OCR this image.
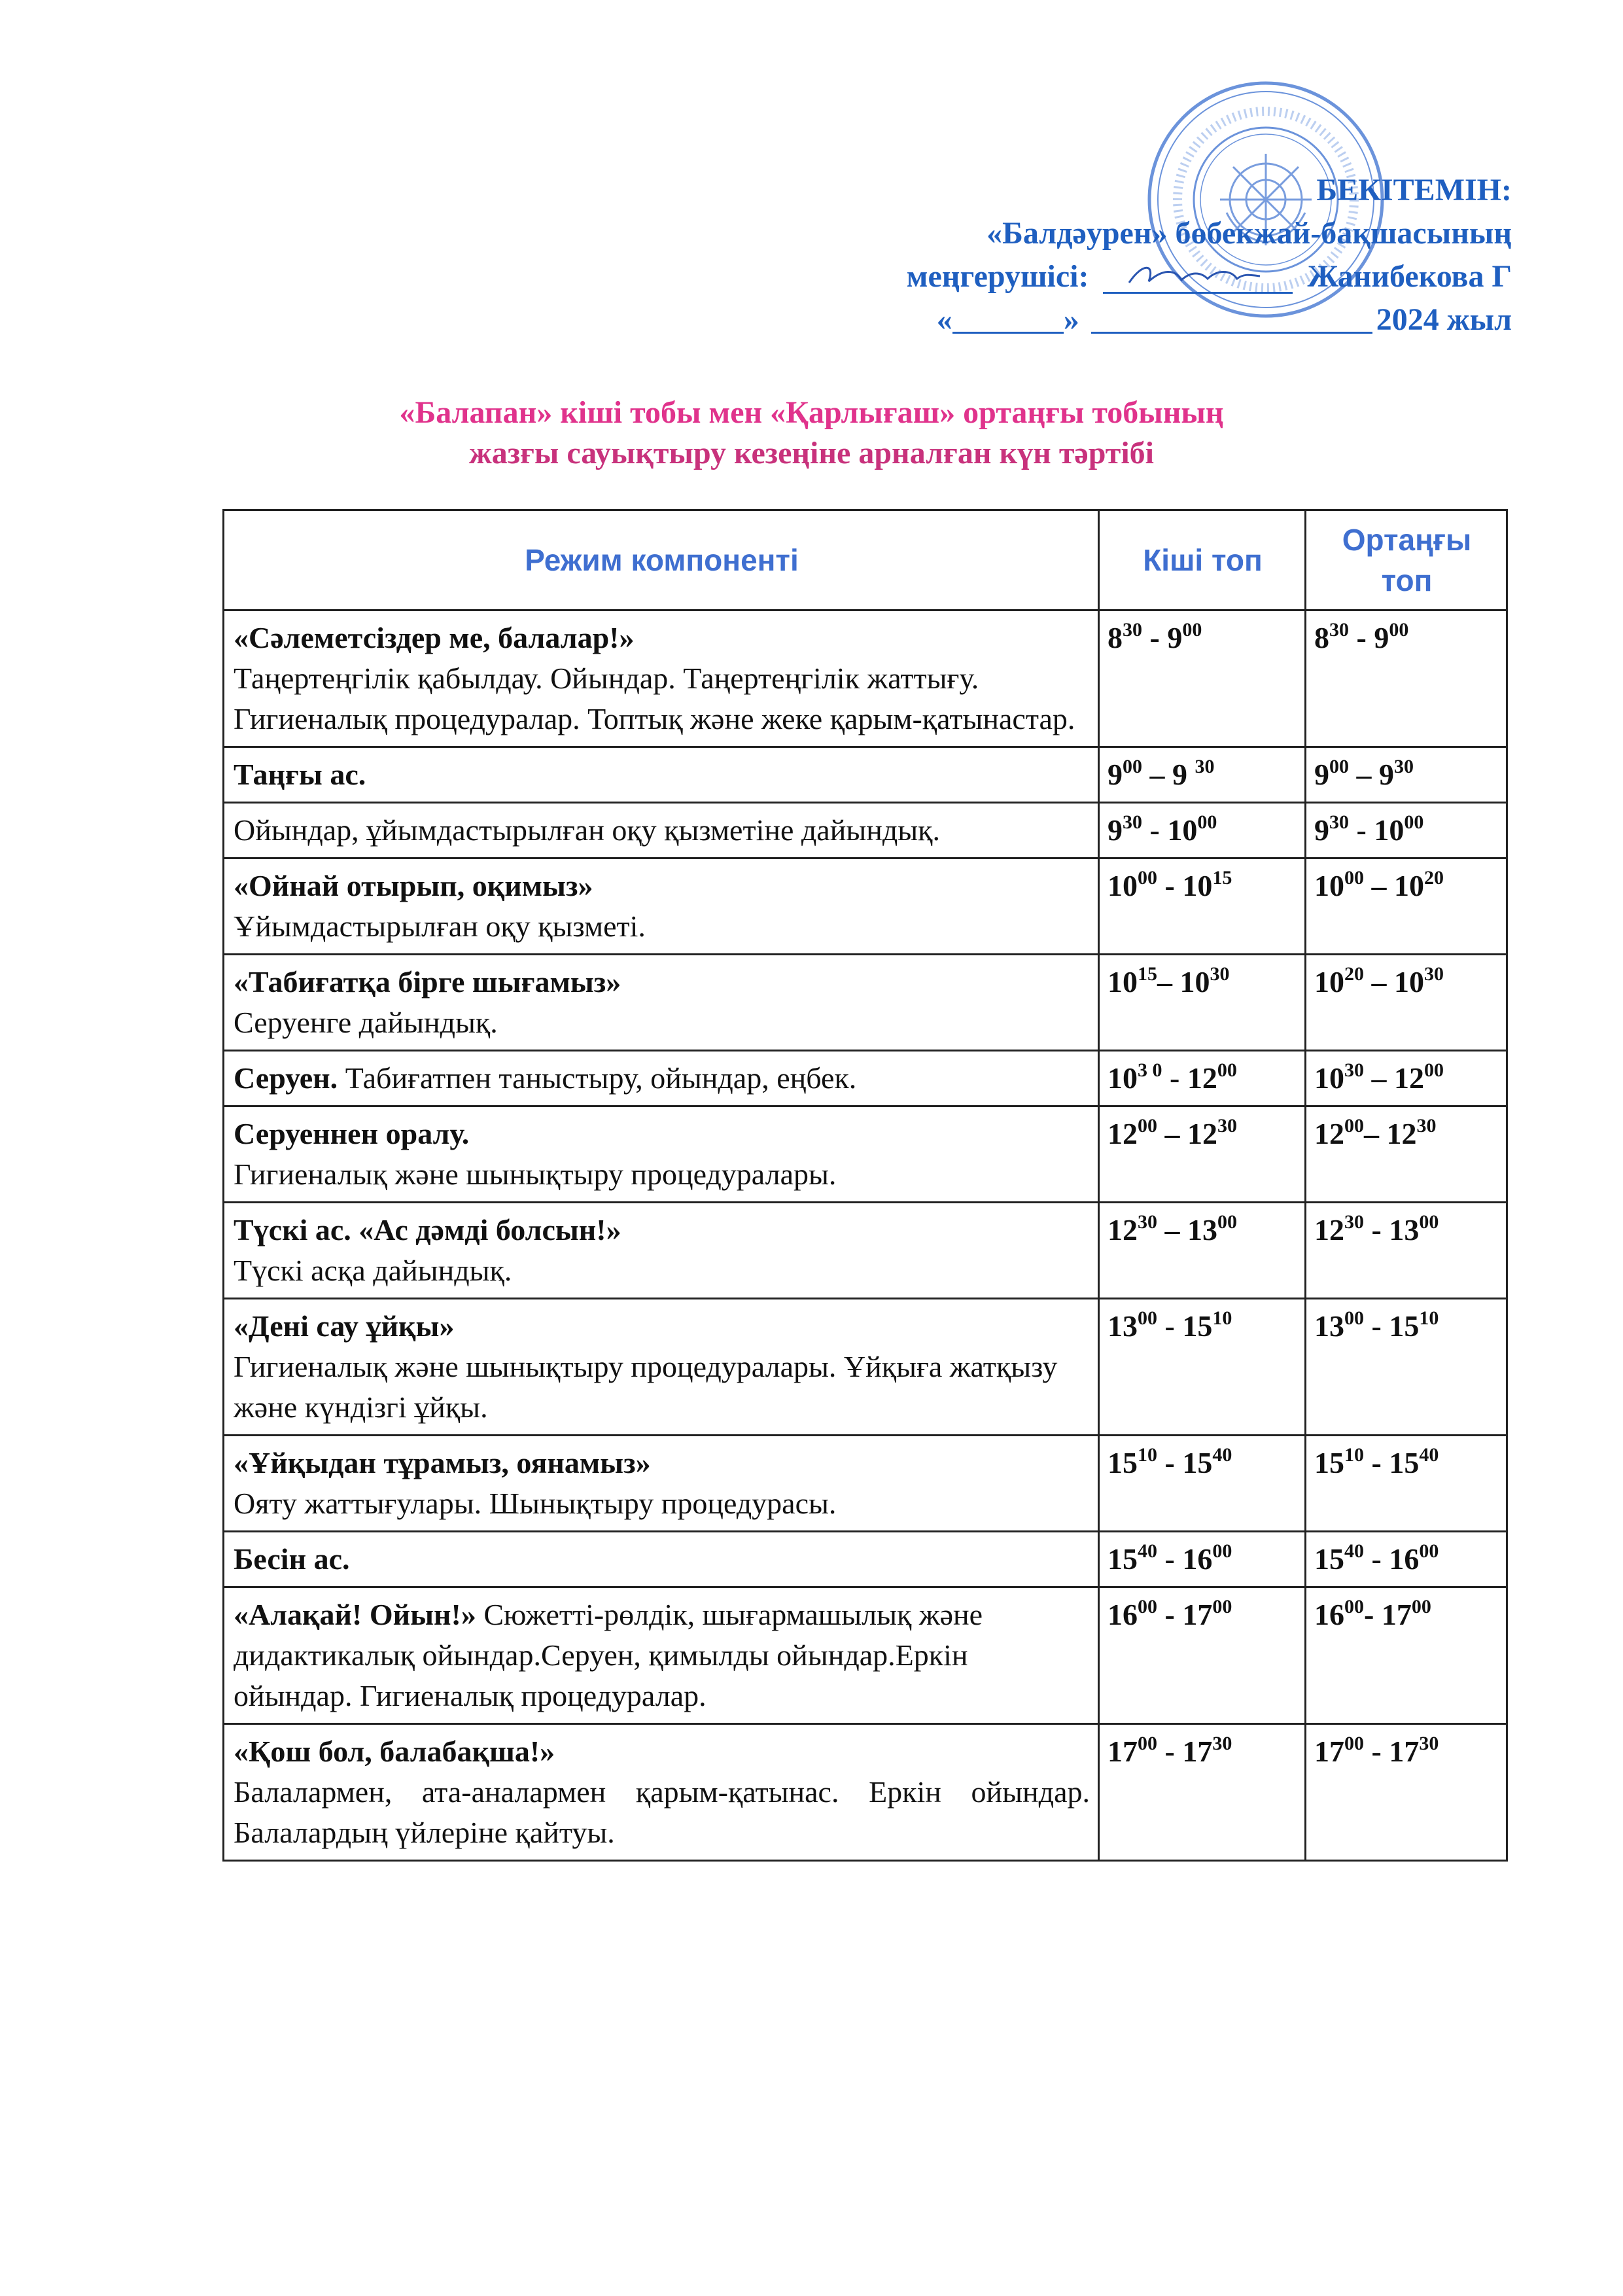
БЕКІТЕМІН:
«Балдәурен» бөбекжай-бақшасының
меңгерушісі:	Жанибекова Г
«	»	2024 жыл
«Балапан» кіші тобы мен «Қарлығаш» ортаңғы тобының
жазғы сауықтыру кезеңіне арналған күн тәртібі
Режим компоненті	Кіші топ	Ортаңғы топ
«Сәлеметсіздер ме, балалар!»
Таңертеңгілік қабылдау. Ойындар. Таңертеңгілік жаттығу. Гигиеналық процедуралар. Топтық және жеке қарым-қатынастар.	$8^{30} - 9^{00}$	$8^{30} - 9^{00}$
Таңғы ас.	$9^{00} - 9$ $^{30}$	$9^{00} - 9^{30}$
Ойындар, ұйымдастырылған оқу қызметіне дайындық.	$9^{30} - 10^{00}$	$9^{30} - 10^{00}$
«Ойнай отырып, оқимыз»
Ұйымдастырылған оқу қызметі.	$10^{00} - 10^{15}$	$10^{00} - 10^{20}$
«Табиғатқа бірге шығамыз»
Серуенге дайындық.	$10^{15}-$ $10^{30}$	$10^{20} - 10^{30}$
Серуен. Табиғатпен таныстыру, ойындар, еңбек.	$10^{3 0} - 12^{00}$	$10^{30} - 12^{00}$
Серуеннен оралу.
Гигиеналық және шынықтыру процедуралары.	$12^{00} - 12^{30}$	$12^{00}-$ $12^{30}$
Түскі ас. «Ас дәмді болсын!»
Түскі асқа дайындық.	$12^{30} - 13^{00}$	$12^{30} - 13^{00}$
«Дені сау ұйқы»
Гигиеналық және шынықтыру процедуралары. Ұйқыға жатқызу және күндізгі ұйқы.	$13^{00} - 15^{10}$	$13^{00} - 15^{10}$
«Ұйқыдан тұрамыз, оянамыз»
Ояту жаттығулары. Шынықтыру процедурасы.	$15^{10} - 15^{40}$	$15^{10} - 15^{40}$
Бесін ас.	$15^{40} - 16^{00}$	$15^{40} - 16^{00}$
«Алақай! Ойын!» Сюжетті-рөлдік, шығармашылық және дидактикалық ойындар.Серуен, қимылды ойындар.Еркін ойындар. Гигиеналық процедуралар.	$16^{00} - 17^{00}$	$16^{00}-$ $17^{00}$
«Қош бол, балабақша!»
Балалармен, ата-аналармен қарым-қатынас. Еркін ойындар. Балалардың үйлеріне қайтуы.	$17^{00} - 17^{30}$	$17^{00} - 17^{30}$
